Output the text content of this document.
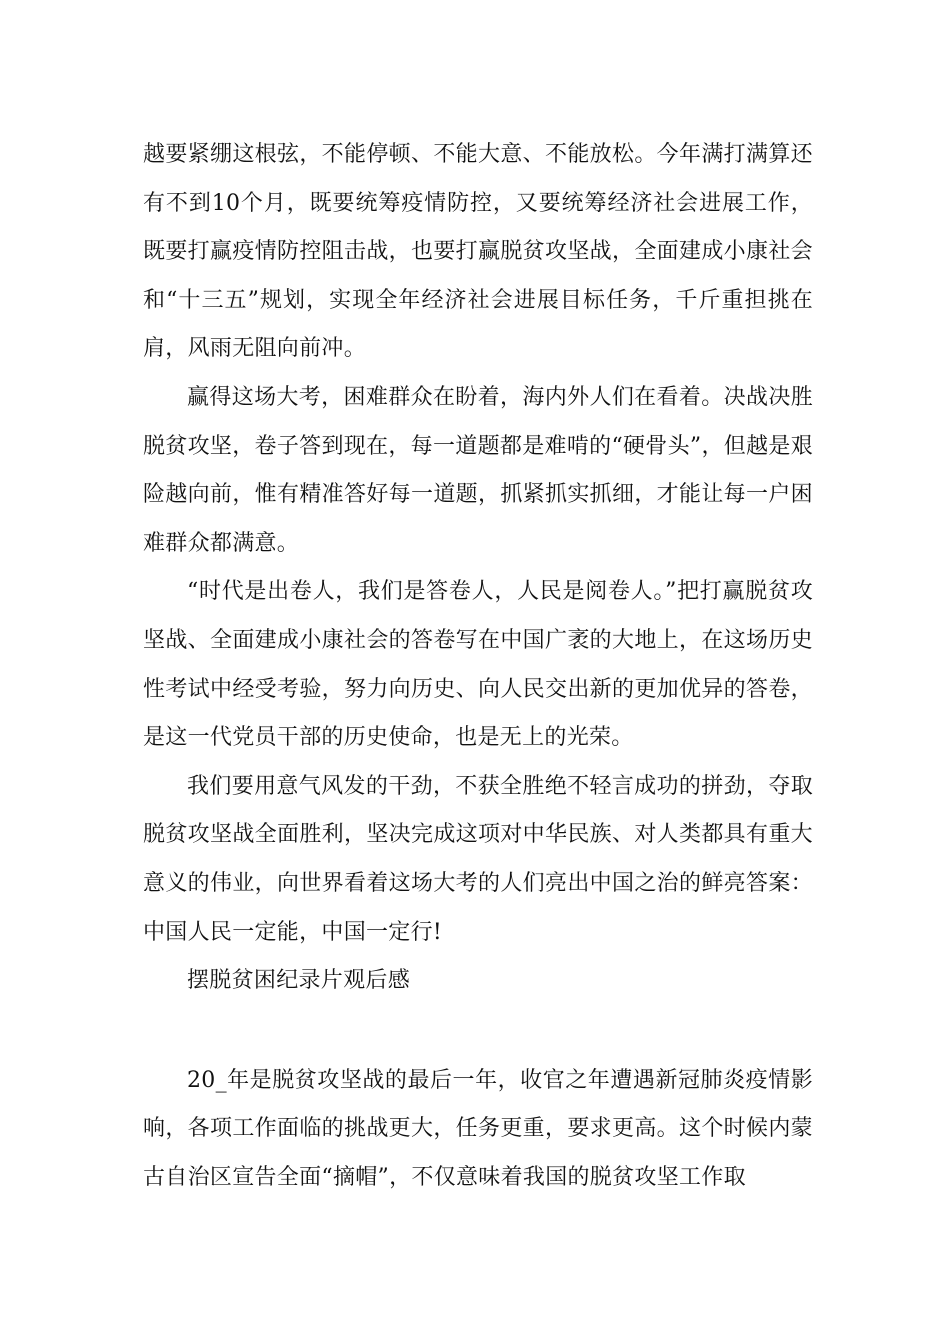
越要紧绷这根弦，不能停顿、不能大意、不能放松。今年满打满算还有不到10个月，既要统筹疫情防控，又要统筹经济社会进展工作，既要打赢疫情防控阻击战，也要打赢脱贫攻坚战，全面建成小康社会和“十三五”规划，实现全年经济社会进展目标任务，千斤重担挑在肩，风雨无阻向前冲。

赢得这场大考，困难群众在盼着，海内外人们在看着。决战决胜脱贫攻坚，卷子答到现在，每一道题都是难啃的“硬骨头”，但越是艰险越向前，惟有精准答好每一道题，抓紧抓实抓细，才能让每一户困难群众都满意。

“时代是出卷人，我们是答卷人，人民是阅卷人。”把打赢脱贫攻坚战、全面建成小康社会的答卷写在中国广袤的大地上，在这场历史性考试中经受考验，努力向历史、向人民交出新的更加优异的答卷，是这一代党员干部的历史使命，也是无上的光荣。

我们要用意气风发的干劲，不获全胜绝不轻言成功的拼劲，夺取脱贫攻坚战全面胜利，坚决完成这项对中华民族、对人类都具有重大意义的伟业，向世界看着这场大考的人们亮出中国之治的鲜亮答案：中国人民一定能，中国一定行!

摆脱贫困纪录片观后感

20_年是脱贫攻坚战的最后一年，收官之年遭遇新冠肺炎疫情影响，各项工作面临的挑战更大，任务更重，要求更高。这个时候内蒙古自治区宣告全面“摘帽”，不仅意味着我国的脱贫攻坚工作取
